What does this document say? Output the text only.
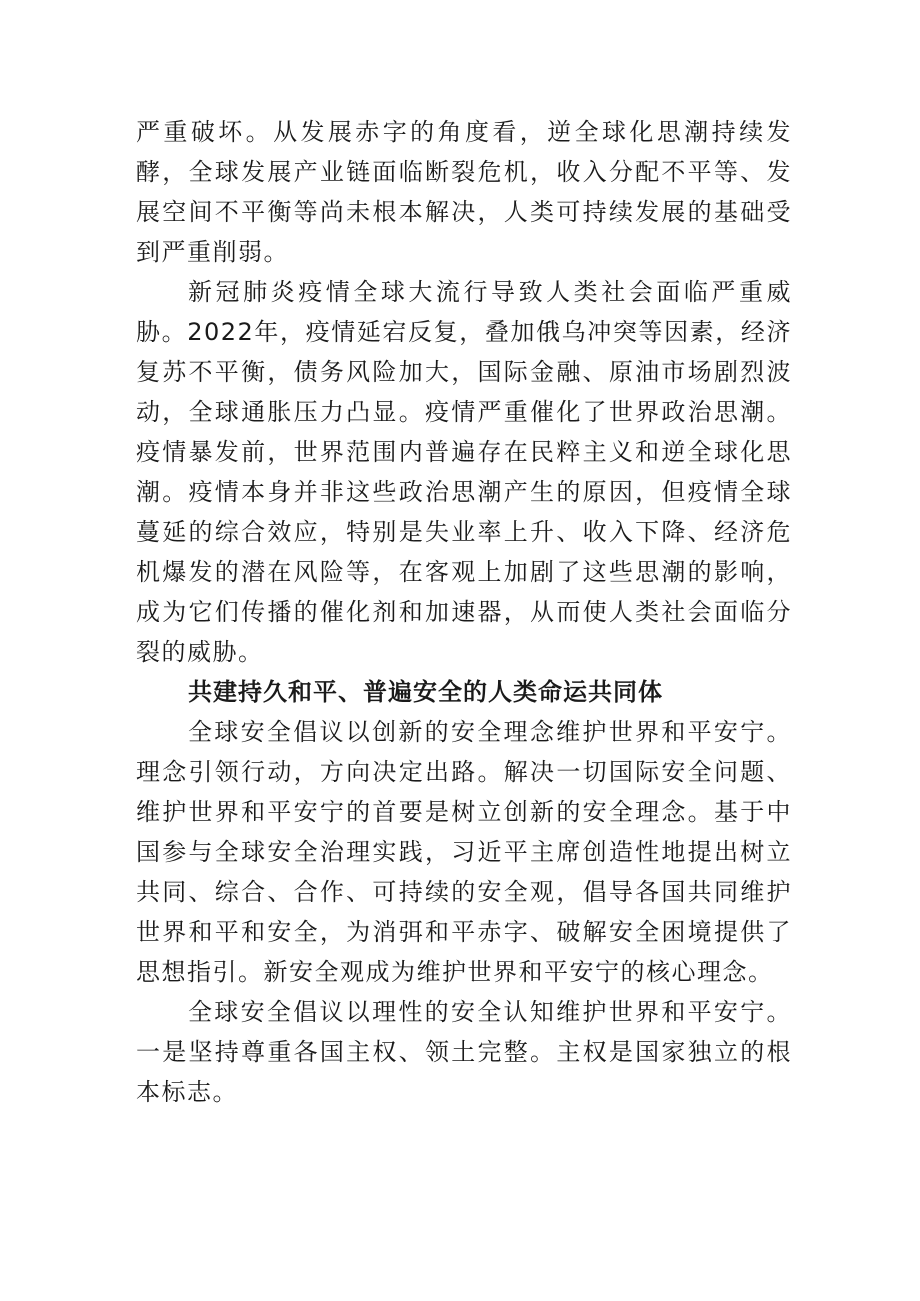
严重破坏。从发展赤字的角度看，逆全球化思潮持续发酵，全球发展产业链面临断裂危机，收入分配不平等、发展空间不平衡等尚未根本解决，人类可持续发展的基础受到严重削弱。

新冠肺炎疫情全球大流行导致人类社会面临严重威胁。2022年，疫情延宕反复，叠加俄乌冲突等因素，经济复苏不平衡，债务风险加大，国际金融、原油市场剧烈波动，全球通胀压力凸显。疫情严重催化了世界政治思潮。疫情暴发前，世界范围内普遍存在民粹主义和逆全球化思潮。疫情本身并非这些政治思潮产生的原因，但疫情全球蔓延的综合效应，特别是失业率上升、收入下降、经济危机爆发的潜在风险等，在客观上加剧了这些思潮的影响，成为它们传播的催化剂和加速器，从而使人类社会面临分裂的威胁。

共建持久和平、普遍安全的人类命运共同体

全球安全倡议以创新的安全理念维护世界和平安宁。理念引领行动，方向决定出路。解决一切国际安全问题、维护世界和平安宁的首要是树立创新的安全理念。基于中国参与全球安全治理实践，习近平主席创造性地提出树立共同、综合、合作、可持续的安全观，倡导各国共同维护世界和平和安全，为消弭和平赤字、破解安全困境提供了思想指引。新安全观成为维护世界和平安宁的核心理念。

全球安全倡议以理性的安全认知维护世界和平安宁。一是坚持尊重各国主权、领土完整。主权是国家独立的根本标志。
